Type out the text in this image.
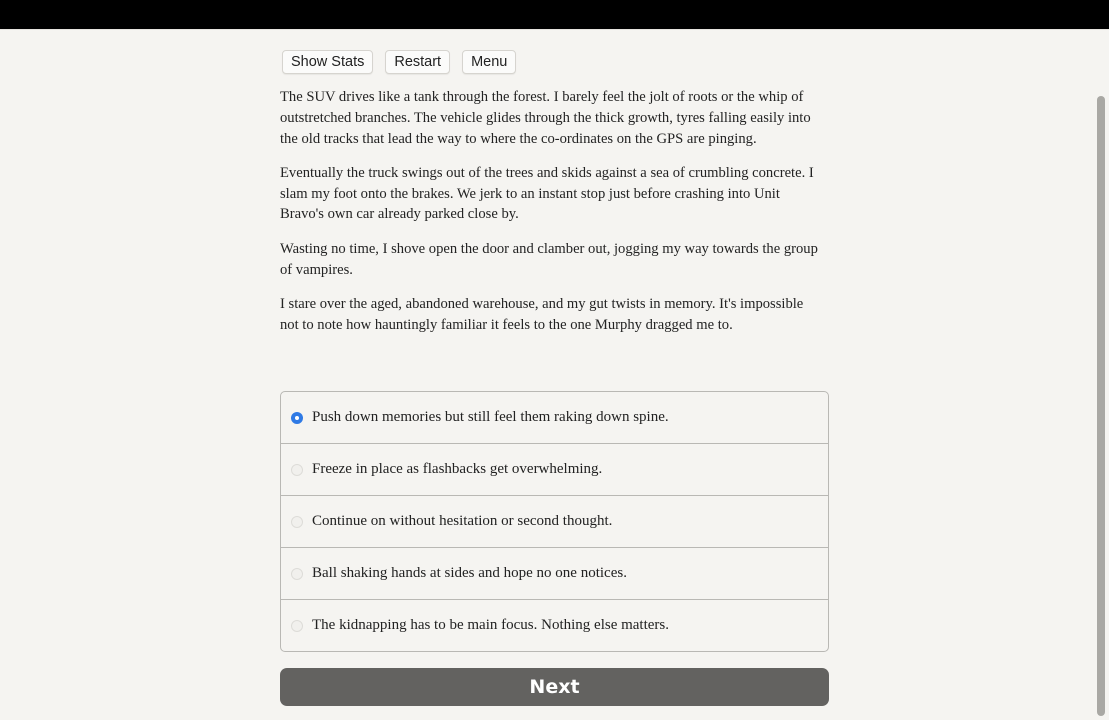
Show Stats	Restart	Menu

The SUV drives like a tank through the forest. I barely feel the jolt of roots or the whip of outstretched branches. The vehicle glides through the thick growth, tyres falling easily into the old tracks that lead the way to where the co-ordinates on the GPS are pinging.

Eventually the truck swings out of the trees and skids against a sea of crumbling concrete. I slam my foot onto the brakes. We jerk to an instant stop just before crashing into Unit Bravo's own car already parked close by.

Wasting no time, I shove open the door and clamber out, jogging my way towards the group of vampires.

I stare over the aged, abandoned warehouse, and my gut twists in memory. It's impossible not to note how hauntingly familiar it feels to the one Murphy dragged me to.

Push down memories but still feel them raking down spine.
Freeze in place as flashbacks get overwhelming.
Continue on without hesitation or second thought.
Ball shaking hands at sides and hope no one notices.
The kidnapping has to be main focus. Nothing else matters.
Next
